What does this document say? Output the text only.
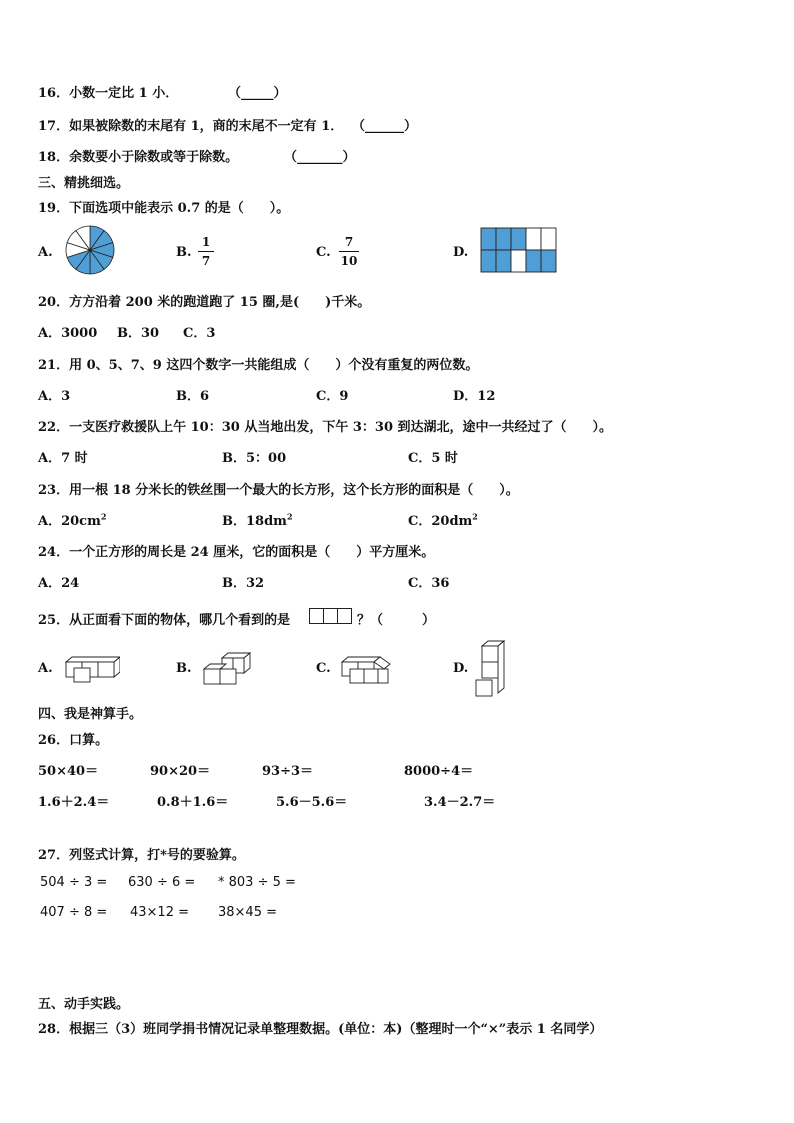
16．小数一定比 1 小．	（_____）
17．如果被除数的末尾有 1，商的末尾不一定有 1． （______）
18．余数要小于除数或等于除数。	（_______）
三、精挑细选。
19．下面选项中能表示 0.7 的是（　　）。
A.	B.
1
7
C.
7
10
D.
20．方方沿着 200 米的跑道跑了 15 圈,是(　　)千米。
A．3000 B．30 C．3
21．用 0、5、7、9 这四个数字一共能组成（　　）个没有重复的两位数。
A．3	B．6	C．9	D．12
22．一支医疗救援队上午 10：30 从当地出发，下午 3：30 到达湖北，途中一共经过了（　　）。
A．7 时	B．5：00	C．5 时
23．用一根 18 分米长的铁丝围一个最大的长方形，这个长方形的面积是（　　）。
A．$20cm^2$	B．$18dm^2$	C．$20dm^2$
24．一个正方形的周长是 24 厘米，它的面积是（　　）平方厘米。
A．24	B．32	C．36
25．从正面看下面的物体，哪几个看到的是	？（　　　）
A.	B.	C.	D.
四、我是神算手。
26．口算。
50×40＝	90×20＝	93÷3＝	8000÷4＝
1.6＋2.4＝	0.8＋1.6＝	5.6－5.6＝	3.4－2.7＝
27．列竖式计算，打*号的要验算。
504 ÷ 3 = 630 ÷ 6 = * 803 ÷ 5 =
407 ÷ 8 = 43×12 = 38×45 =
五、动手实践。
28．根据三（3）班同学捐书情况记录单整理数据。(单位：本)（整理时一个“×”表示 1 名同学）
